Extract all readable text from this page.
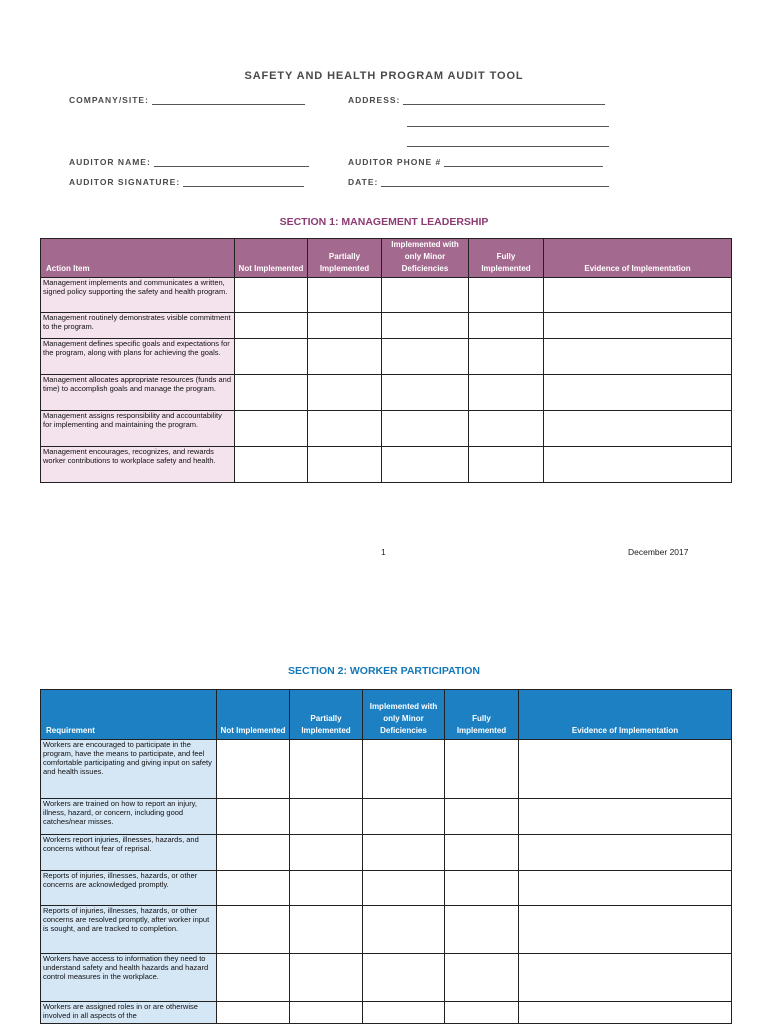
SAFETY AND HEALTH PROGRAM AUDIT TOOL
COMPANY/SITE:	ADDRESS:
AUDITOR NAME:	AUDITOR PHONE #
AUDITOR SIGNATURE:	DATE:
SECTION 1: MANAGEMENT LEADERSHIP
Action Item	Not Implemented	Partially Implemented	Implemented with only Minor Deficiencies	Fully Implemented	Evidence of Implementation
Management implements and communicates a written, signed policy supporting the safety and health program.					
Management routinely demonstrates visible commitment to the program.					
Management defines specific goals and expectations for the program, along with plans for achieving the goals.					
Management allocates appropriate resources (funds and time) to accomplish goals and manage the program.					
Management assigns responsibility and accountability for implementing and maintaining the program.					
Management encourages, recognizes, and rewards worker contributions to workplace safety and health.					
1	December 2017
SECTION 2: WORKER PARTICIPATION
Requirement	Not Implemented	Partially Implemented	Implemented with only Minor Deficiencies	Fully Implemented	Evidence of Implementation
Workers are encouraged to participate in the program, have the means to participate, and feel comfortable participating and giving input on safety and health issues.					
Workers are trained on how to report an injury, illness, hazard, or concern, including good catches/near misses.					
Workers report injuries, illnesses, hazards, and concerns without fear of reprisal.					
Reports of injuries, illnesses, hazards, or other concerns are acknowledged promptly.					
Reports of injuries, illnesses, hazards, or other concerns are resolved promptly, after worker input is sought, and are tracked to completion.					
Workers have access to information they need to understand safety and health hazards and hazard control measures in the workplace.					
Workers are assigned roles in or are otherwise involved in all aspects of the					
